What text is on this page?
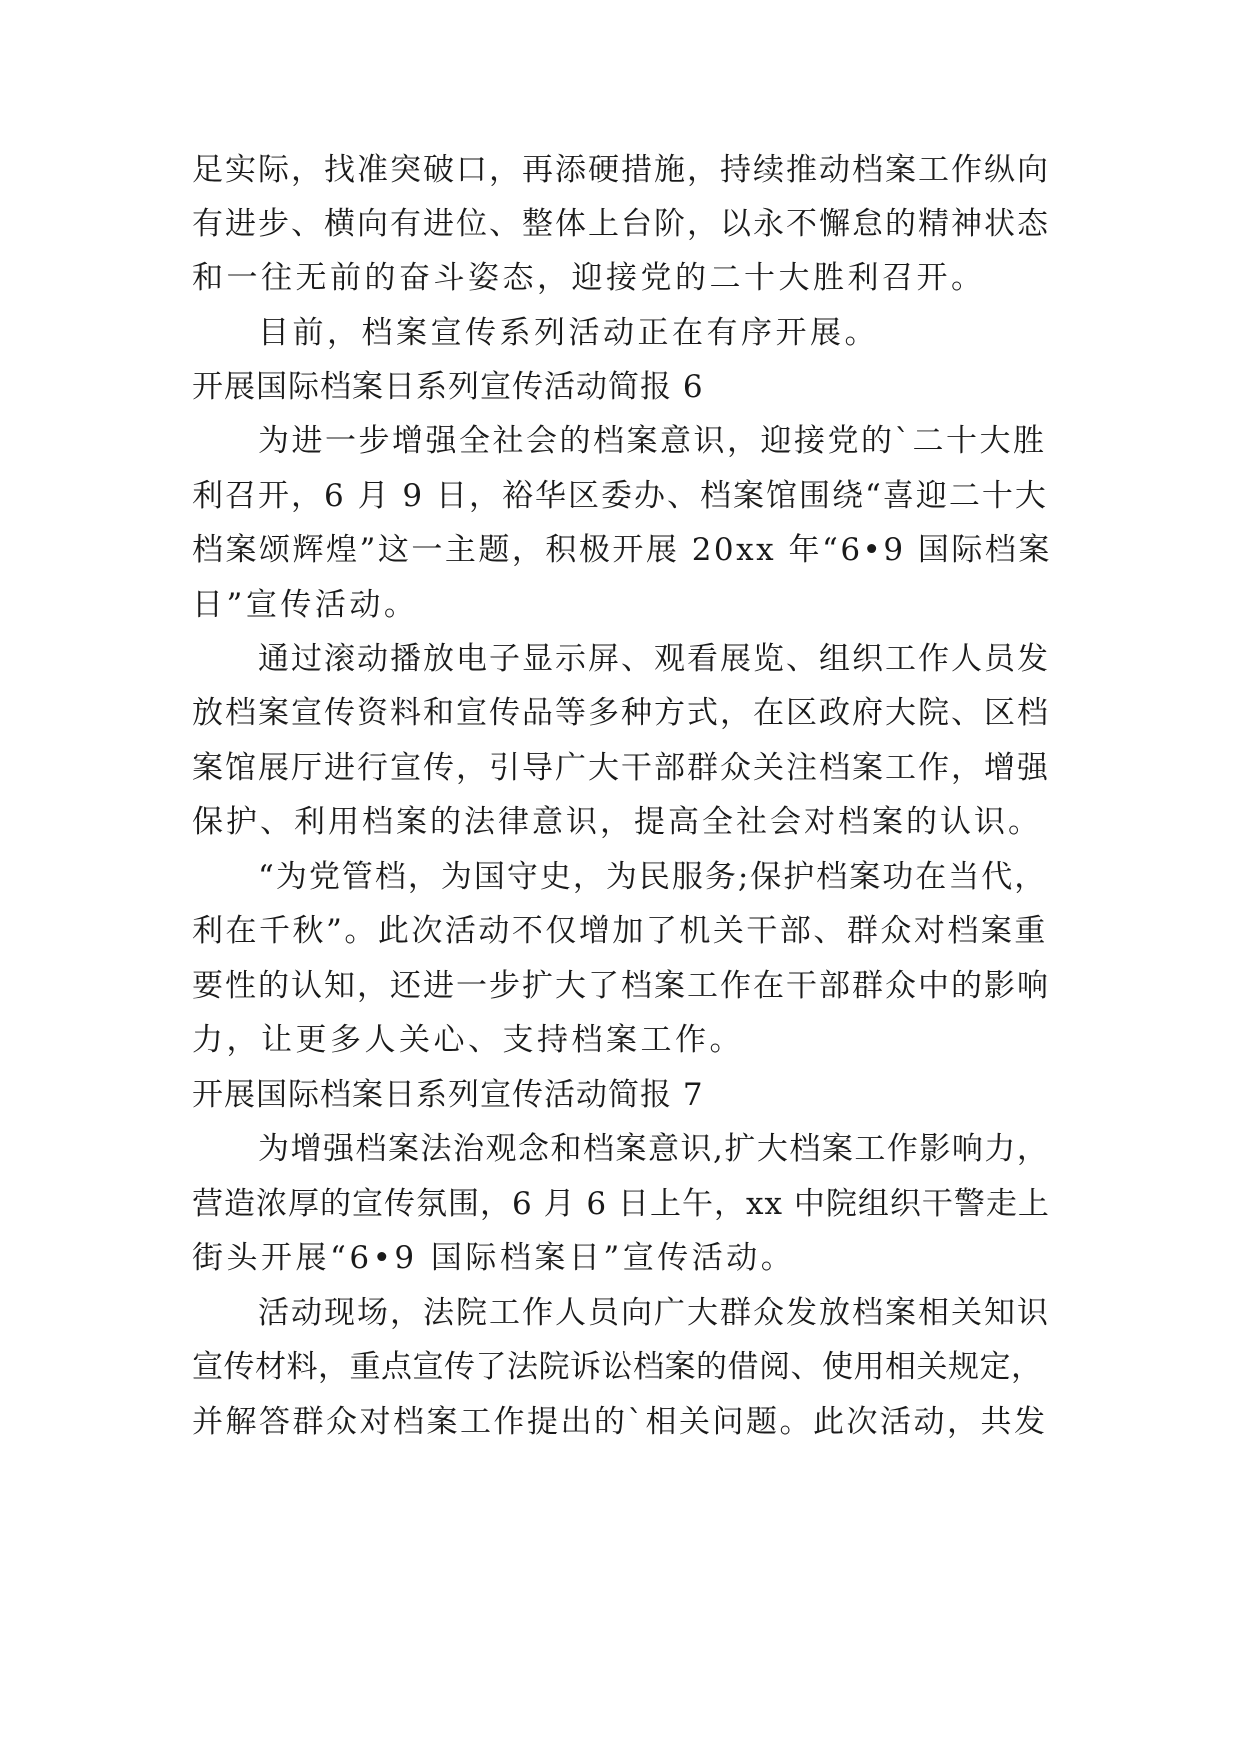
足实际，找准突破口，再添硬措施，持续推动档案工作纵向
有进步、横向有进位、整体上台阶，以永不懈怠的精神状态
和一往无前的奋斗姿态，迎接党的二十大胜利召开。
目前，档案宣传系列活动正在有序开展。
开展国际档案日系列宣传活动简报 6
为进一步增强全社会的档案意识，迎接党的`二十大胜
利召开，6 月 9 日，裕华区委办、档案馆围绕“喜迎二十大
档案颂辉煌”这一主题，积极开展 20xx 年“6•9 国际档案
日”宣传活动。
通过滚动播放电子显示屏、观看展览、组织工作人员发
放档案宣传资料和宣传品等多种方式，在区政府大院、区档
案馆展厅进行宣传，引导广大干部群众关注档案工作，增强
保护、利用档案的法律意识，提高全社会对档案的认识。
“为党管档，为国守史，为民服务;保护档案功在当代，
利在千秋”。此次活动不仅增加了机关干部、群众对档案重
要性的认知，还进一步扩大了档案工作在干部群众中的影响
力，让更多人关心、支持档案工作。
开展国际档案日系列宣传活动简报 7
为增强档案法治观念和档案意识,扩大档案工作影响力，
营造浓厚的宣传氛围，6 月 6 日上午，xx 中院组织干警走上
街头开展“6•9 国际档案日”宣传活动。
活动现场，法院工作人员向广大群众发放档案相关知识
宣传材料，重点宣传了法院诉讼档案的借阅、使用相关规定，
并解答群众对档案工作提出的`相关问题。此次活动，共发
